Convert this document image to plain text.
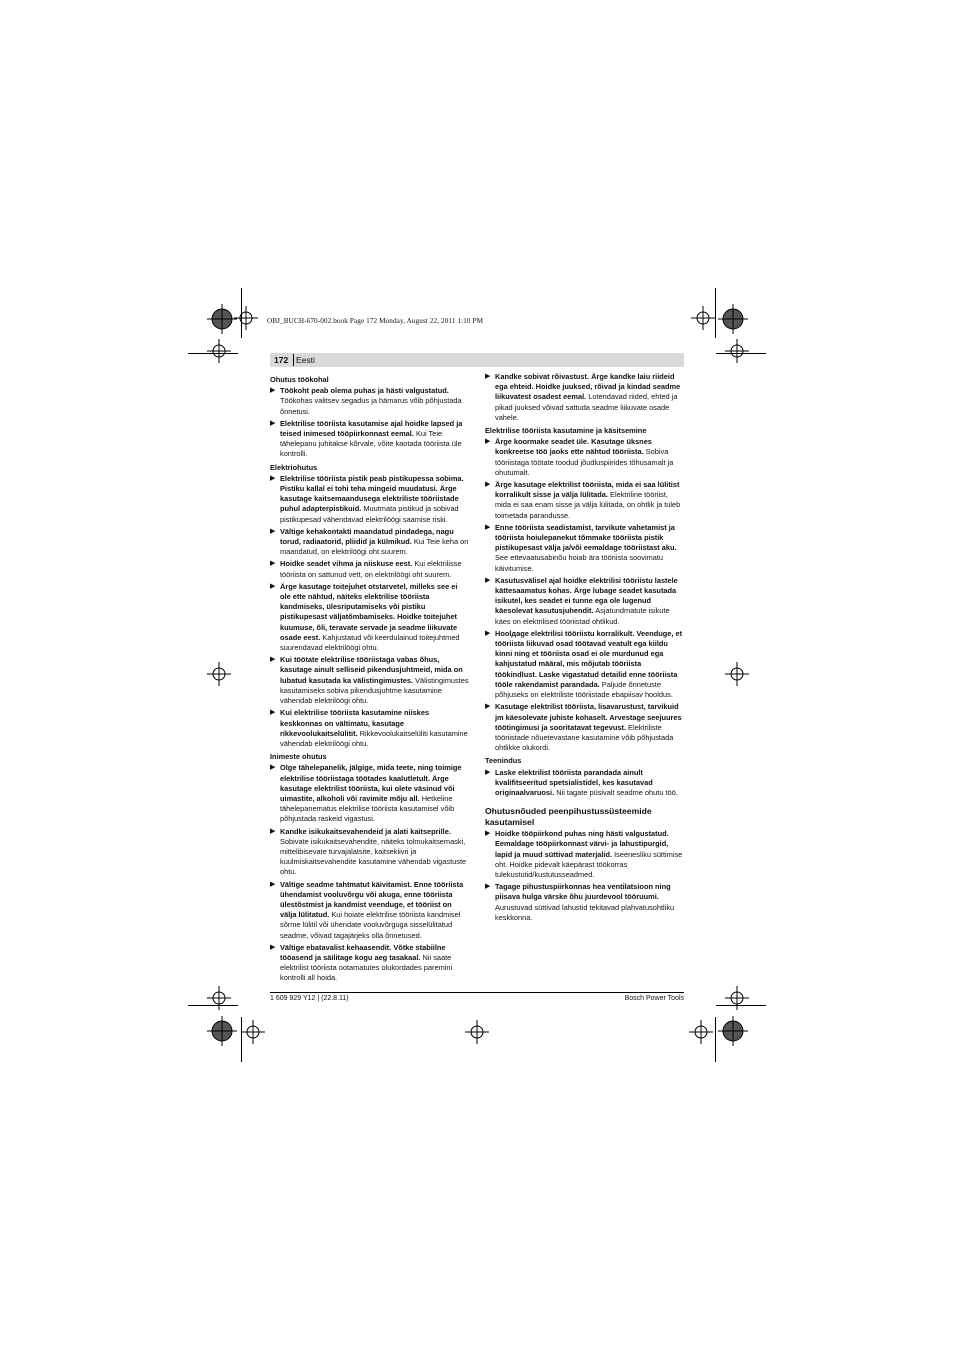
OBJ_BUCH-670-002.book Page 172 Monday, August 22, 2011 1:10 PM
172 Eesti
Ohutus töökohal
▶ Töökoht peab olema puhas ja hästi valgustatud. Töökohas valitsev segadus ja hämarus võib põhjustada õnnetusi.
▶ Elektrilise tööriista kasutamise ajal hoidke lapsed ja teised inimesed tööpiirkonnast eemal. Kui Teie tähelepanu juhitakse kõrvale, võite kaotada tööriista üle kontrolli.
Elektriohutus
▶ Elektrilise tööriista pistik peab pistikupessa sobima. Pistiku kallal ei tohi teha mingeid muudatusi. Ärge kasutage kaitsemaandusega elektriliste tööriistade puhul adapterpistikuid. Muutmata pistikud ja sobivad pistikupesad vähendavad elektrilöögi saamise riski.
▶ Vältige kehakontakti maandatud pindadega, nagu torud, radiaatorid, pliidid ja külmikud. Kui Teie keha on maandatud, on elektrilöögi oht suurem.
▶ Hoidke seadet vihma ja niiskuse eest. Kui elektrilisse tööriista on sattunud vett, on elektrilöögi oht suurem.
▶ Ärge kasutage toitejuhet otstarvetel, milleks see ei ole ette nähtud, näiteks elektrilise tööriista kandmiseks, ülesriputamiseks või pistiku pistikupesast väljatõmbamiseks. Hoidke toitejuhet kuumuse, õli, teravate servade ja seadme liikuvate osade eest. Kahjustatud või keerdulainud toitejuhtmed suurendavad elektrilöögi ohtu.
▶ Kui töötate elektrilise tööriistaga vabas õhus, kasutage ainult selliseid pikendusjuhtmeid, mida on lubatud kasutada ka välistingimustes. Välistingimustes kasutamiseks sobiva pikendusjuhtme kasutamine vähendab elektrilöögi ohtu.
▶ Kui elektrilise tööriista kasutamine niiskes keskkonnas on vältimatu, kasutage rikkevoolukaitselülitit. Rikkevoolukaitselüliti kasutamine vähendab elektrilöögi ohtu.
Inimeste ohutus
▶ Olge tähelepanelik, jälgige, mida teete, ning toimige elektrilise tööriistaga töötades kaalutletult. Ärge kasutage elektrilist tööriista, kui olete väsinud või uimastite, alkoholi või ravimite mõju all. Hetkeline tähelepanematus elektrilise tööriista kasutamisel võib põhjustada raskeid vigastusi.
▶ Kandke isikukaitsevahendeid ja alati kaitseprille. Sobivate isikukaitsevahendite, näiteks tolmukaitsemaski, mittelibisevate turvajalatsite, kaitsekiivri ja kuulmiskaitsevahendite kasutamine vähendab vigastuste ohtu.
▶ Vältige seadme tahtmatut käivitamist. Enne tööriista ühendamist vooluvõrgu või akuga, enne tööriista ülestõstmist ja kandmist veenduge, et tööriist on välja lülitatud. Kui hoiate elektrilise tööriista kandmisel sõrme lülitil või ühendate vooluvõrguga sisselülitatud seadme, võivad tagajärjeks olla õnnetused.
▶ Vältige ebatavalist kehaasendit. Võtke stabiilne tööasend ja säilitage kogu aeg tasakaal. Nii saate elektrilist tööriista ootamatutes olukordades paremini kontrolli all hoida.
▶ Kandke sobivat rõivastust. Ärge kandke laiu riideid ega ehteid. Hoidke juuksed, rõivad ja kindad seadme liikuvatest osadest eemal. Lotendavad riided, ehted ja pikad juuksed võivad sattuda seadme liikuvate osade vahele.
Elektrilise tööriista kasutamine ja käsitsemine
▶ Ärge koormake seadet üle. Kasutage üksnes konkreetse töö jaoks ette nähtud tööriista. Sobiva tööriistaga töötate toodud jõudluspiirides tõhusamalt ja ohutumalt.
▶ Ärge kasutage elektrilist tööriista, mida ei saa lülitist korralikult sisse ja välja lülitada. Elektriline tööriist, mida ei saa enam sisse ja välja lülitada, on ohtlik ja tuleb toimetada parandusse.
▶ Enne tööriista seadistamist, tarvikute vahetamist ja tööriista hoiulepanekut tõmmake tööriista pistik pistikupesast välja ja/või eemaldage tööriistast aku. See ettevaatusabinõu hoiab ära tööriista soovimatu käivitumise.
▶ Kasutusvälisel ajal hoidke elektrilisi tööriistu lastele kättesaamatus kohas. Ärge lubage seadet kasutada isikutel, kes seadet ei tunne ega ole lugenud käesolevat kasutusjuhendit. Asjatundmatute isikute käes on elektrilised tööriistad ohtlikud.
▶ Hoolдage elektrilisi tööriistu korralikult. Veenduge, et tööriista liikuvad osad töötavad veatult ega kiildu kinni ning et tööriista osad ei ole murdunud ega kahjustatud määral, mis mõjutab tööriista töökindlust. Laske vigastatud detailid enne tööriista tööle rakendamist parandada. Paljude õnnetuste põhjuseks on elektriliste tööriistade ebapiisav hooldus.
▶ Kasutage elektrilist tööriista, lisavarustust, tarvikuid jm käesolevate juhiste kohaselt. Arvestage seejuures töötingimusi ja sooritatavat tegevust. Elektriliste tööriistade nõuetevastane kasutamine võib põhjustada ohtlikke olukordi.
Teenindus
▶ Laske elektrilist tööriista parandada ainult kvalifitseeritud spetsialistidel, kes kasutavad originaalvaruosi. Nii tagate püsivalt seadme ohutu töö.
Ohutusnõuded peenpihustussüsteemide kasutamisel
▶ Hoidke tööpiirkond puhas ning hästi valgustatud. Eemaldage tööpiirkonnast värvi- ja lahustipurgid, lapid ja muud süttivad materjalid. Iseenesliku süttimise oht. Hoidke pidevalt käepärast töökorras tulekustutid/kustutusseadmed.
▶ Tagage pihustuspiirkonnas hea ventilatsioon ning piisava hulga värske õhu juurdevool tööruumi. Aurustuvad süttivad lahustid tekitavad plahvatusohtliku keskkonna.
1 609 929 Y12 | (22.8.11)	Bosch Power Tools
